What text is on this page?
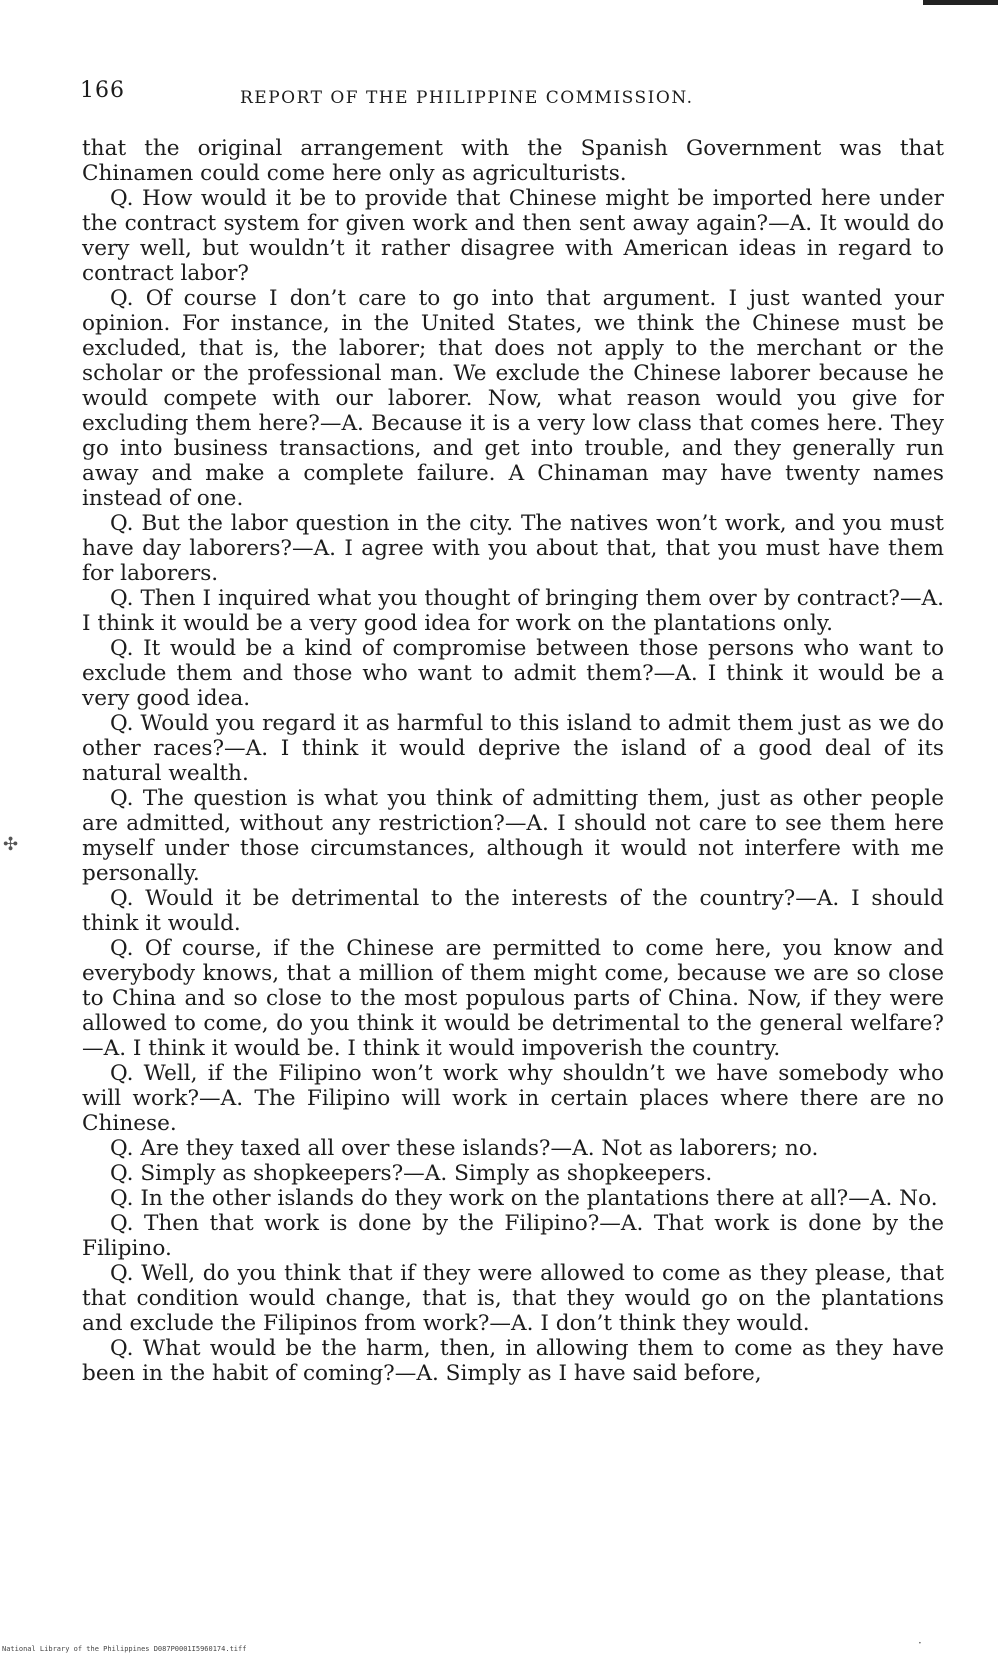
166	REPORT OF THE PHILIPPINE COMMISSION.

that the original arrangement with the Spanish Government was that Chinamen could come here only as agriculturists.

Q. How would it be to provide that Chinese might be imported here under the contract system for given work and then sent away again?—A. It would do very well, but wouldn’t it rather disagree with American ideas in regard to contract labor?

Q. Of course I don’t care to go into that argument. I just wanted your opinion. For instance, in the United States, we think the Chinese must be excluded, that is, the laborer; that does not apply to the merchant or the scholar or the professional man. We exclude the Chinese laborer because he would compete with our laborer. Now, what reason would you give for excluding them here?—A. Because it is a very low class that comes here. They go into business transactions, and get into trouble, and they generally run away and make a complete failure. A Chinaman may have twenty names instead of one.

Q. But the labor question in the city. The natives won’t work, and you must have day laborers?—A. I agree with you about that, that you must have them for laborers.

Q. Then I inquired what you thought of bringing them over by contract?—A. I think it would be a very good idea for work on the plantations only.

Q. It would be a kind of compromise between those persons who want to exclude them and those who want to admit them?—A. I think it would be a very good idea.

Q. Would you regard it as harmful to this island to admit them just as we do other races?—A. I think it would deprive the island of a good deal of its natural wealth.

Q. The question is what you think of admitting them, just as other people are admitted, without any restriction?—A. I should not care to see them here myself under those circumstances, although it would not interfere with me personally.

Q. Would it be detrimental to the interests of the country?—A. I should think it would.

Q. Of course, if the Chinese are permitted to come here, you know and everybody knows, that a million of them might come, because we are so close to China and so close to the most populous parts of China. Now, if they were allowed to come, do you think it would be detrimental to the general welfare?—A. I think it would be. I think it would impoverish the country.

Q. Well, if the Filipino won’t work why shouldn’t we have somebody who will work?—A. The Filipino will work in certain places where there are no Chinese.

Q. Are they taxed all over these islands?—A. Not as laborers; no.

Q. Simply as shopkeepers?—A. Simply as shopkeepers.

Q. In the other islands do they work on the plantations there at all?—A. No.

Q. Then that work is done by the Filipino?—A. That work is done by the Filipino.

Q. Well, do you think that if they were allowed to come as they please, that that condition would change, that is, that they would go on the plantations and exclude the Filipinos from work?—A. I don’t think they would.

Q. What would be the harm, then, in allowing them to come as they have been in the habit of coming?—A. Simply as I have said before,

✣
·
National Library of the Philippines D087P0001I5960174.tiff
